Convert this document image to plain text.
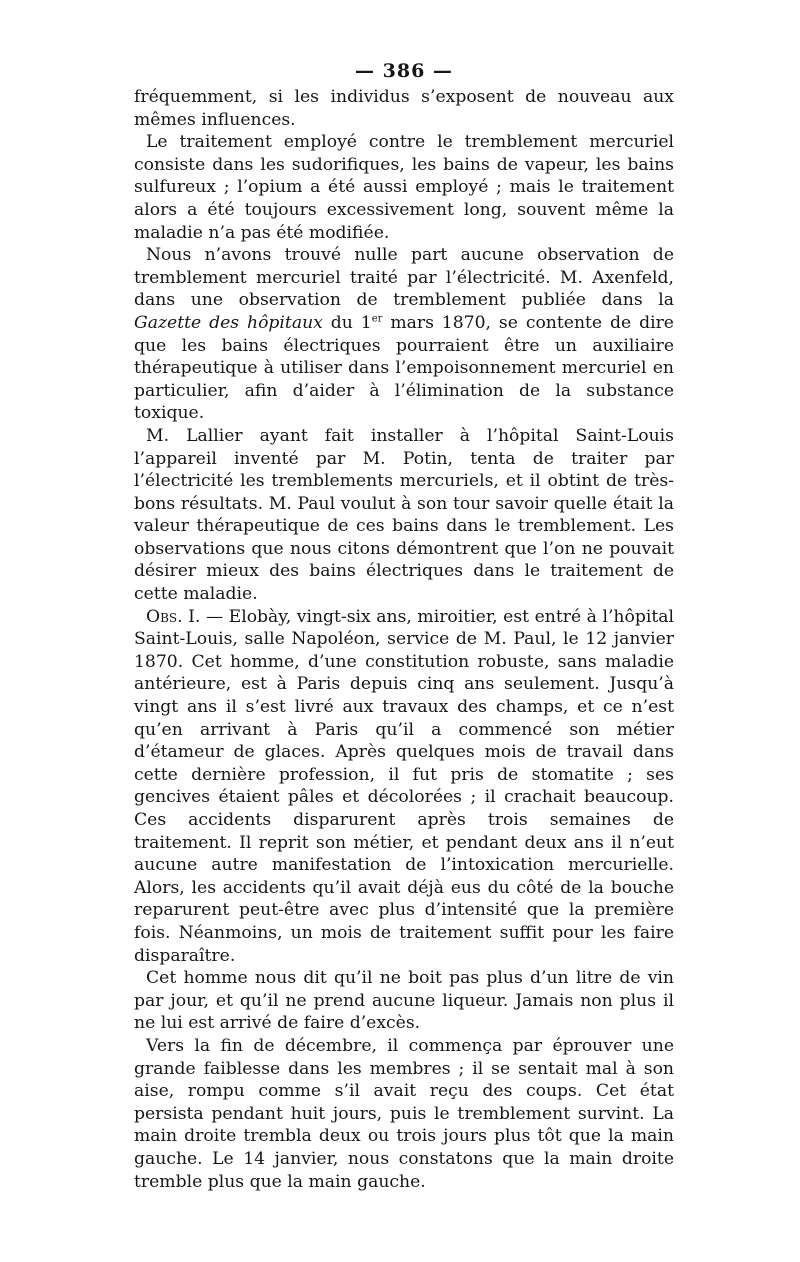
— 386 —

fréquemment, si les individus s’exposent de nouveau aux mêmes influences.

Le traitement employé contre le tremblement mercuriel consiste dans les sudorifiques, les bains de vapeur, les bains sulfureux ; l’opium a été aussi employé ; mais le traitement alors a été toujours excessivement long, souvent même la maladie n’a pas été modifiée.

Nous n’avons trouvé nulle part aucune observation de tremblement mercuriel traité par l’électricité. M. Axenfeld, dans une observation de tremblement publiée dans la Gazette des hôpitaux du 1er mars 1870, se contente de dire que les bains électriques pourraient être un auxiliaire thérapeutique à utiliser dans l’empoisonnement mercuriel en particulier, afin d’aider à l’élimination de la substance toxique.

M. Lallier ayant fait installer à l’hôpital Saint-Louis l’appareil inventé par M. Potin, tenta de traiter par l’électricité les tremblements mercuriels, et il obtint de très-bons résultats. M. Paul voulut à son tour savoir quelle était la valeur thérapeutique de ces bains dans le tremblement. Les observations que nous citons démontrent que l’on ne pouvait désirer mieux des bains électriques dans le traitement de cette maladie.

Obs. I. — Elobày, vingt-six ans, miroitier, est entré à l’hôpital Saint-Louis, salle Napoléon, service de M. Paul, le 12 janvier 1870. Cet homme, d’une constitution robuste, sans maladie antérieure, est à Paris depuis cinq ans seulement. Jusqu’à vingt ans il s’est livré aux travaux des champs, et ce n’est qu’en arrivant à Paris qu’il a commencé son métier d’étameur de glaces. Après quelques mois de travail dans cette dernière profession, il fut pris de stomatite ; ses gencives étaient pâles et décolorées ; il crachait beaucoup. Ces accidents disparurent après trois semaines de traitement. Il reprit son métier, et pendant deux ans il n’eut aucune autre manifestation de l’intoxication mercurielle. Alors, les accidents qu’il avait déjà eus du côté de la bouche reparurent peut-être avec plus d’intensité que la première fois. Néanmoins, un mois de traitement suffit pour les faire disparaître.

Cet homme nous dit qu’il ne boit pas plus d’un litre de vin par jour, et qu’il ne prend aucune liqueur. Jamais non plus il ne lui est arrivé de faire d’excès.

Vers la fin de décembre, il commença par éprouver une grande faiblesse dans les membres ; il se sentait mal à son aise, rompu comme s’il avait reçu des coups. Cet état persista pendant huit jours, puis le tremblement survint. La main droite trembla deux ou trois jours plus tôt que la main gauche. Le 14 janvier, nous constatons que la main droite tremble plus que la main gauche.
